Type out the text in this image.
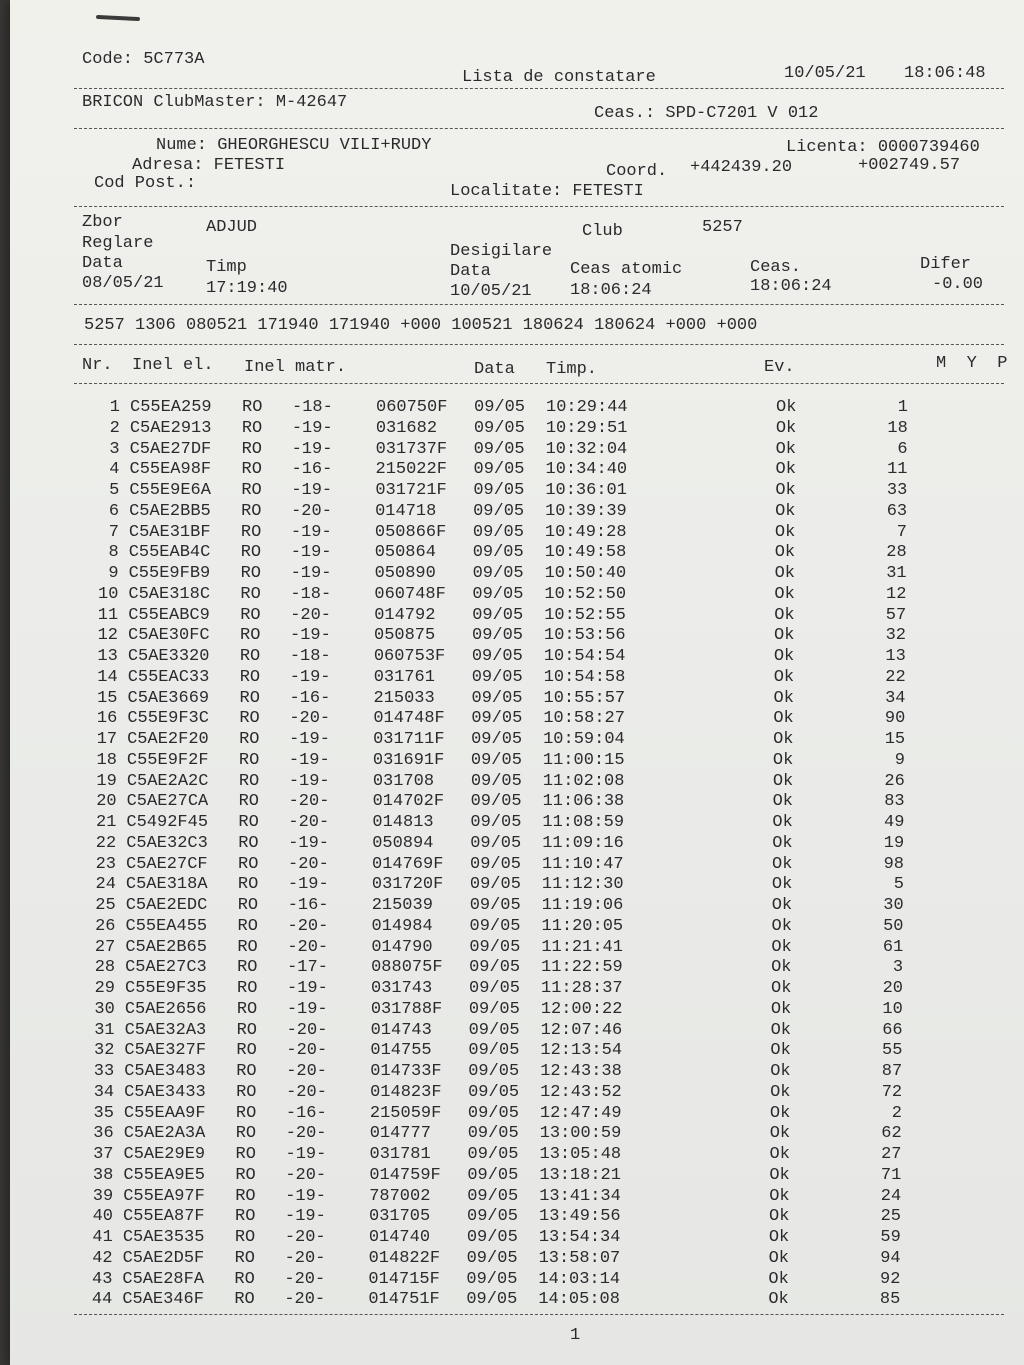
Code: 5C773A
Lista de constatare	10/05/21 18:06:48
BRICON ClubMaster: M-42647
Ceas.: SPD-C7201 V 012
Nume: GHEORGHESCU VILI+RUDY	Licenta: 0000739460
Adresa: FETESTI	Coord. +442439.20	+002749.57
Cod Post.:	Localitate: FETESTI
Zbor	ADJUD	Club	5257
Reglare	Desigilare
Data	Timp	Data	Ceas atomic	Ceas.	Difer
08/05/21 17:19:40	10/05/21 18:06:24	18:06:24	-0.00
5257 1306 080521 171940 171940 +000 100521 180624 180624 +000 +000
Nr. Inel el. Inel matr.	Data Timp.	Ev.	M  Y  P
1 C55EA259 RO -18-	060750F 09/05 10:29:44	Ok	1
2 C5AE2913 RO -19-	031682 09/05 10:29:51	Ok	18
3 C5AE27DF RO -19-	031737F 09/05 10:32:04	Ok	6
4 C55EA98F RO -16-	215022F 09/05 10:34:40	Ok	11
5 C55E9E6A RO -19-	031721F 09/05 10:36:01	Ok	33
6 C5AE2BB5 RO -20-	014718 09/05 10:39:39	Ok	63
7 C5AE31BF RO -19-	050866F 09/05 10:49:28	Ok	7
8 C55EAB4C RO -19-	050864 09/05 10:49:58	Ok	28
9 C55E9FB9 RO -19-	050890 09/05 10:50:40	Ok	31
10 C5AE318C RO -18-	060748F 09/05 10:52:50	Ok	12
11 C55EABC9 RO -20-	014792 09/05 10:52:55	Ok	57
12 C5AE30FC RO -19-	050875 09/05 10:53:56	Ok	32
13 C5AE3320 RO -18-	060753F 09/05 10:54:54	Ok	13
14 C55EAC33 RO -19-	031761 09/05 10:54:58	Ok	22
15 C5AE3669 RO -16-	215033 09/05 10:55:57	Ok	34
16 C55E9F3C RO -20-	014748F 09/05 10:58:27	Ok	90
17 C5AE2F20 RO -19-	031711F 09/05 10:59:04	Ok	15
18 C55E9F2F RO -19-	031691F 09/05 11:00:15	Ok	9
19 C5AE2A2C RO -19-	031708 09/05 11:02:08	Ok	26
20 C5AE27CA RO -20-	014702F 09/05 11:06:38	Ok	83
21 C5492F45 RO -20-	014813 09/05 11:08:59	Ok	49
22 C5AE32C3 RO -19-	050894 09/05 11:09:16	Ok	19
23 C5AE27CF RO -20-	014769F 09/05 11:10:47	Ok	98
24 C5AE318A RO -19-	031720F 09/05 11:12:30	Ok	5
25 C5AE2EDC RO -16-	215039 09/05 11:19:06	Ok	30
26 C55EA455 RO -20-	014984 09/05 11:20:05	Ok	50
27 C5AE2B65 RO -20-	014790 09/05 11:21:41	Ok	61
28 C5AE27C3 RO -17-	088075F 09/05 11:22:59	Ok	3
29 C55E9F35 RO -19-	031743 09/05 11:28:37	Ok	20
30 C5AE2656 RO -19-	031788F 09/05 12:00:22	Ok	10
31 C5AE32A3 RO -20-	014743 09/05 12:07:46	Ok	66
32 C5AE327F RO -20-	014755 09/05 12:13:54	Ok	55
33 C5AE3483 RO -20-	014733F 09/05 12:43:38	Ok	87
34 C5AE3433 RO -20-	014823F 09/05 12:43:52	Ok	72
35 C55EAA9F RO -16-	215059F 09/05 12:47:49	Ok	2
36 C5AE2A3A RO -20-	014777 09/05 13:00:59	Ok	62
37 C5AE29E9 RO -19-	031781 09/05 13:05:48	Ok	27
38 C55EA9E5 RO -20-	014759F 09/05 13:18:21	Ok	71
39 C55EA97F RO -19-	787002 09/05 13:41:34	Ok	24
40 C55EA87F RO -19-	031705 09/05 13:49:56	Ok	25
41 C5AE3535 RO -20-	014740 09/05 13:54:34	Ok	59
42 C5AE2D5F RO -20-	014822F 09/05 13:58:07	Ok	94
43 C5AE28FA RO -20-	014715F 09/05 14:03:14	Ok	92
44 C5AE346F RO -20-	014751F 09/05 14:05:08	Ok	85
1
